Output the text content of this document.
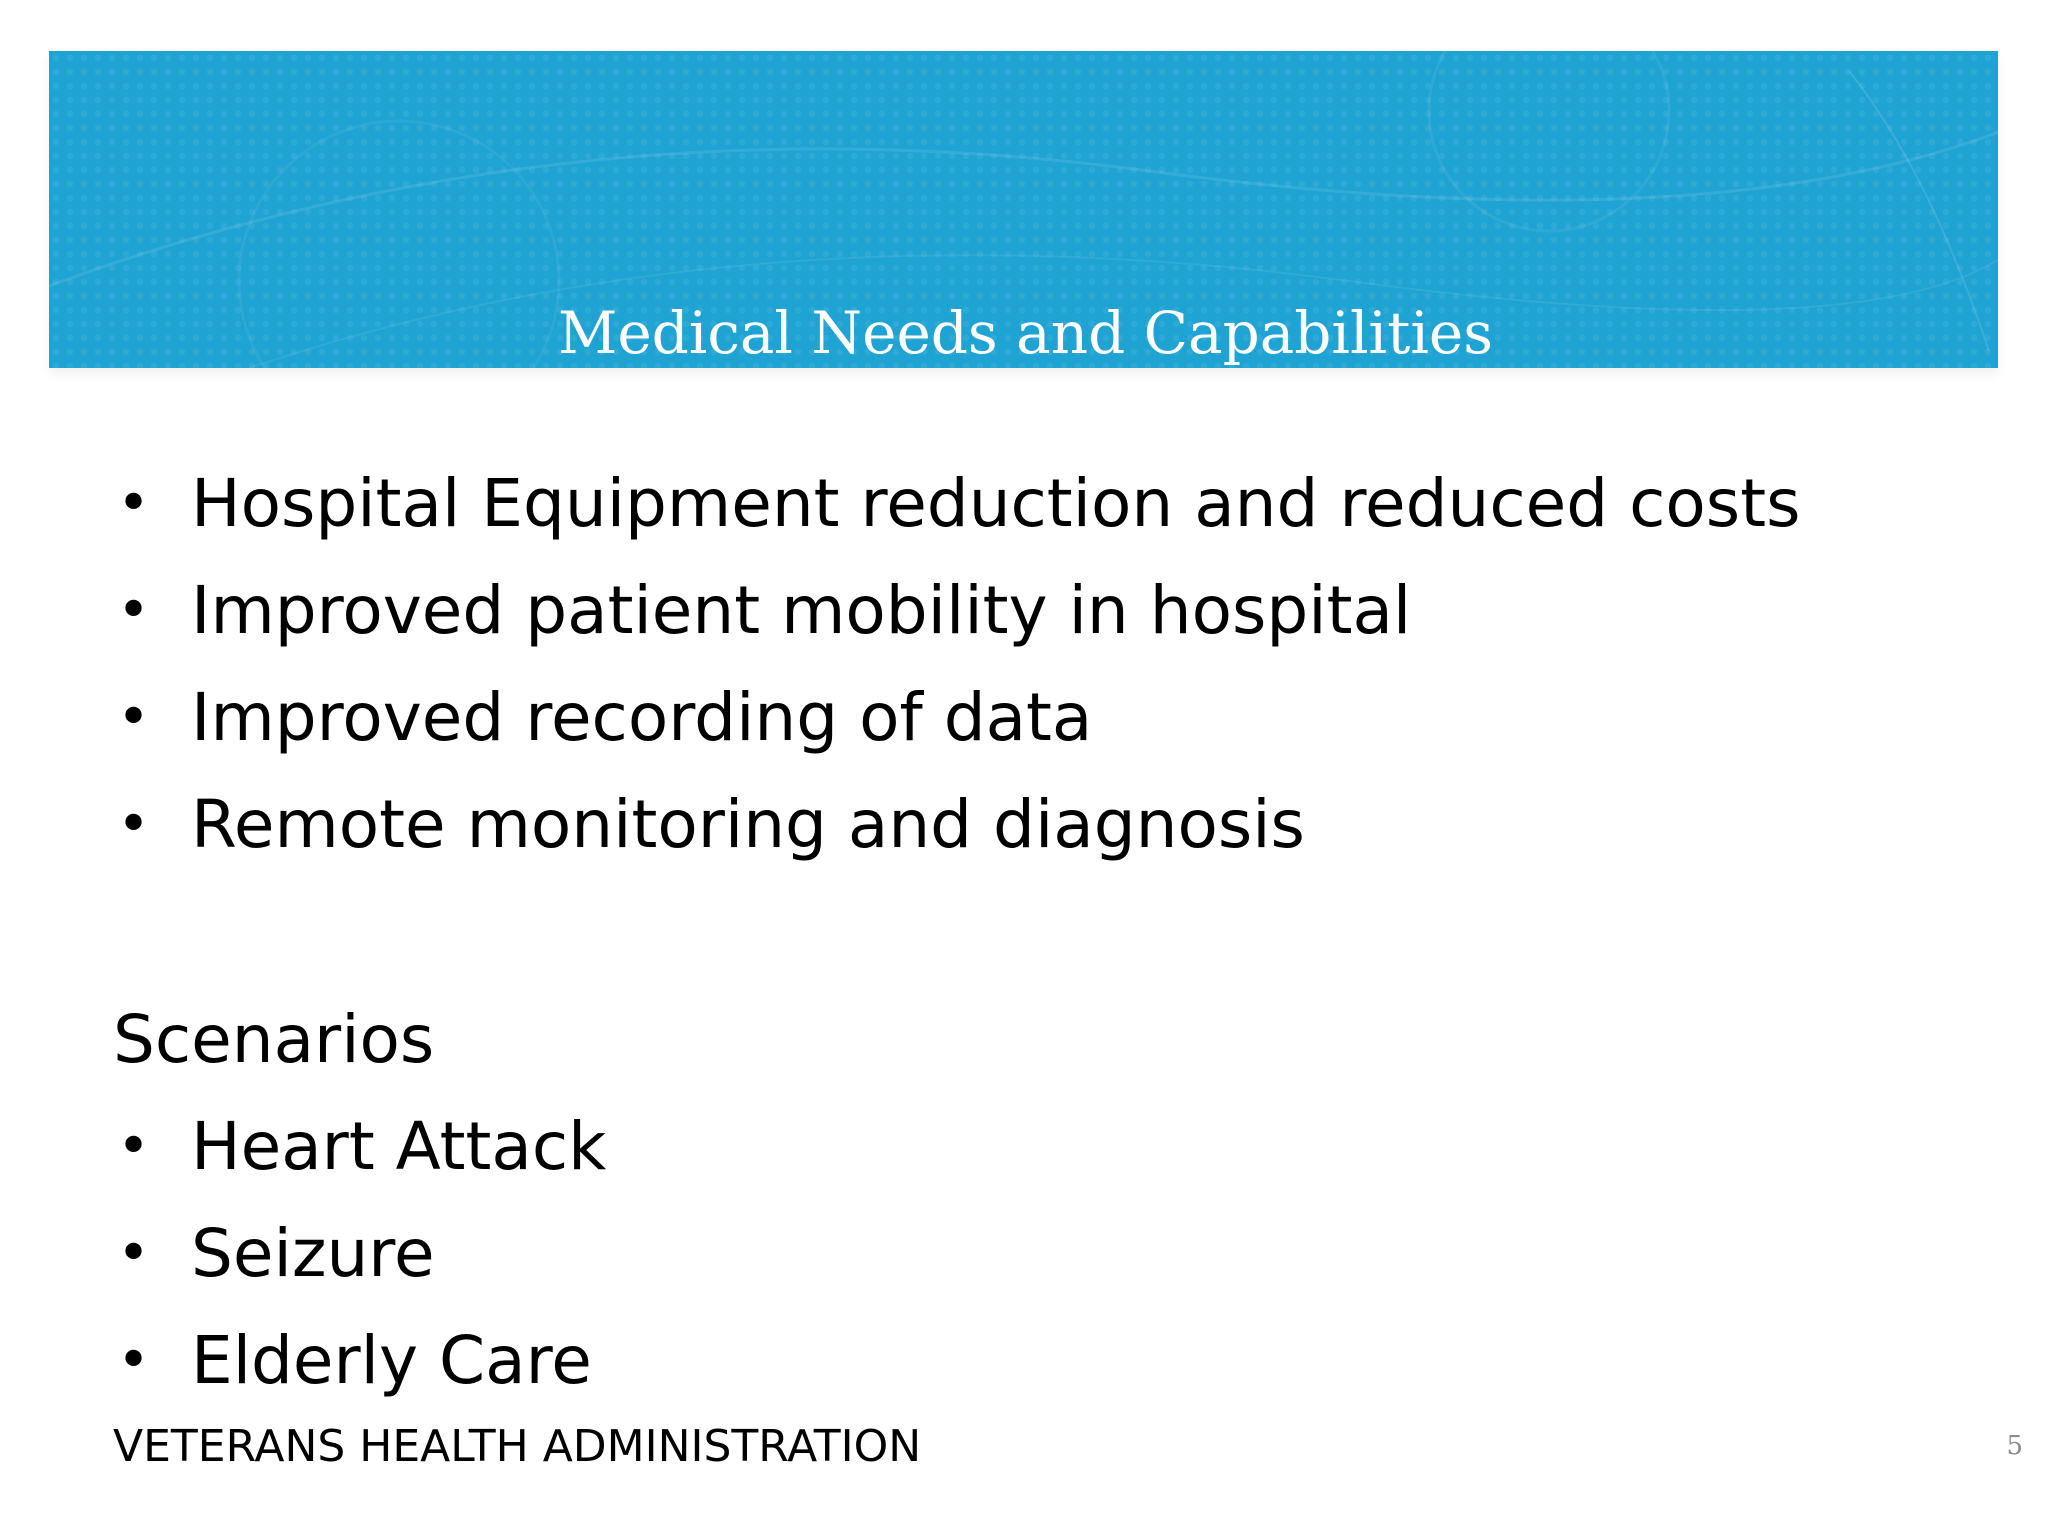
Medical Needs and Capabilities
• Hospital Equipment reduction and reduced costs
• Improved patient mobility in hospital
• Improved recording of data
• Remote monitoring and diagnosis
Scenarios
• Heart Attack
• Seizure
• Elderly Care
VETERANS HEALTH ADMINISTRATION	5
